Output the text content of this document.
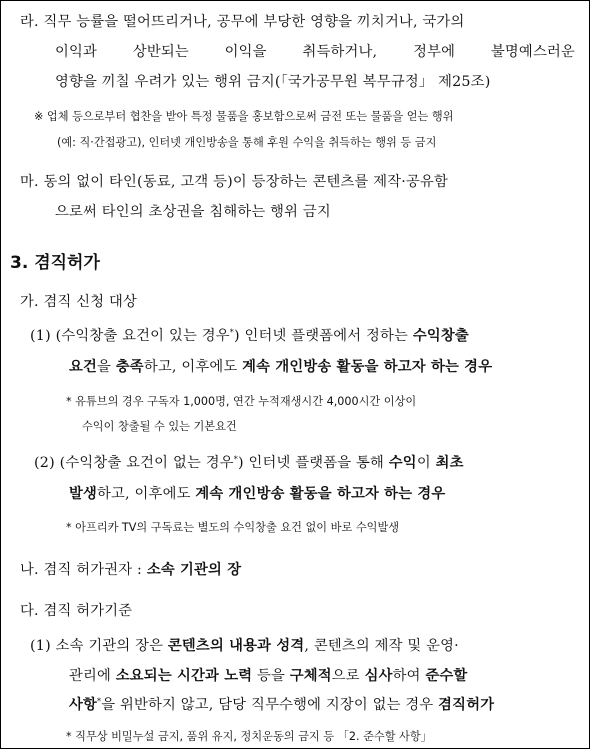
라. 직무 능률을 떨어뜨리거나, 공무에 부당한 영향을 끼치거나, 국가의
이익과	상반되는	이익을	취득하거나,	정부에	불명예스러운
영향을 끼칠 우려가 있는 행위 금지(「국가공무원 복무규정」 제25조)
※ 업체 등으로부터 협찬을 받아 특정 물품을 홍보함으로써 금전 또는 물품을 얻는 행위
(예: 직·간접광고), 인터넷 개인방송을 통해 후원 수익을 취득하는 행위 등 금지
마. 동의 없이 타인(동료, 고객 등)이 등장하는 콘텐츠를 제작·공유함
으로써 타인의 초상권을 침해하는 행위 금지
3. 겸직허가
가. 겸직 신청 대상
(1) (수익창출 요건이 있는 경우*) 인터넷 플랫폼에서 정하는 수익창출
요건을 충족하고, 이후에도 계속 개인방송 활동을 하고자 하는 경우
* 유튜브의 경우 구독자 1,000명, 연간 누적재생시간 4,000시간 이상이
수익이 창출될 수 있는 기본요건
(2) (수익창출 요건이 없는 경우*) 인터넷 플랫폼을 통해 수익이 최초
발생하고, 이후에도 계속 개인방송 활동을 하고자 하는 경우
* 아프리카 TV의 구독료는 별도의 수익창출 요건 없이 바로 수익발생
나. 겸직 허가권자 : 소속 기관의 장
다. 겸직 허가기준
(1) 소속 기관의 장은 콘텐츠의 내용과 성격, 콘텐츠의 제작 및 운영·
관리에 소요되는 시간과 노력 등을 구체적으로 심사하여 준수할
사항*을 위반하지 않고, 담당 직무수행에 지장이 없는 경우 겸직허가
* 직무상 비밀누설 금지, 품위 유지, 정치운동의 금지 등 「2. 준수할 사항」
